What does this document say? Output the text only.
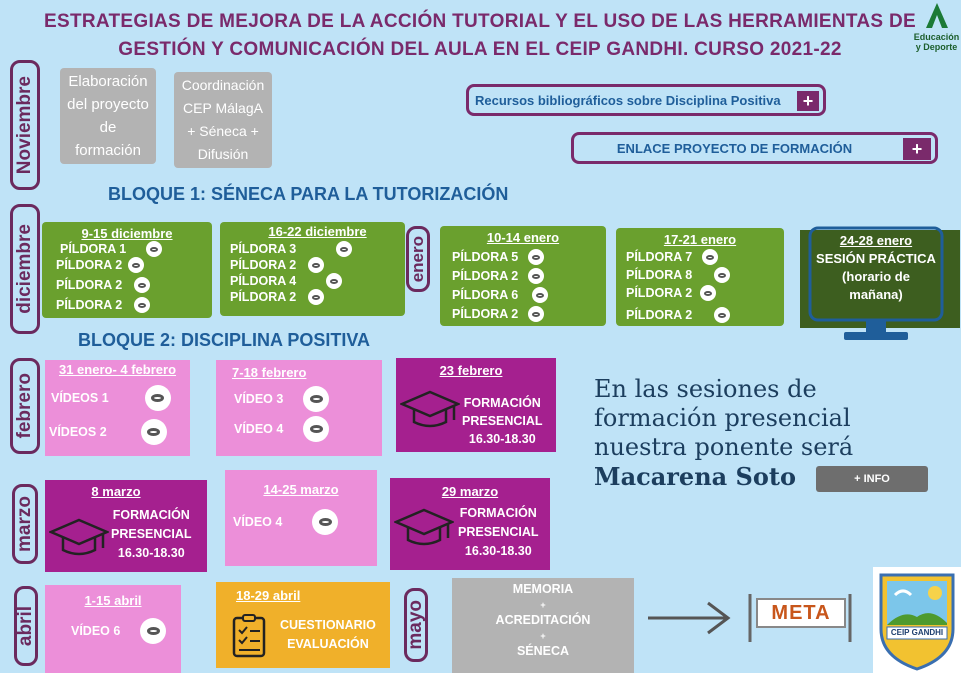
ESTRATEGIAS DE MEJORA DE LA ACCIÓN TUTORIAL Y EL USO DE LAS HERRAMIENTAS DE
GESTIÓN Y COMUNICACIÓN DEL AULA EN EL CEIP GANDHI. CURSO 2021-22
Educación
y Deporte
Noviembre
diciembre	enero
febrero
marzo
abril	mayo
Elaboración
del proyecto
de
formación
Coordinación
CEP MálagA
+ Séneca +
Difusión
Recursos bibliográficos sobre Disciplina Positiva	+
ENLACE PROYECTO DE FORMACIÓN	+
BLOQUE 1: SÉNECA PARA LA TUTORIZACIÓN
9-15 diciembre
PÍLDORA 1
PÍLDORA 2
PÍLDORA 2
PÍLDORA 2
16-22 diciembre
PÍLDORA 3
PÍLDORA 2
PÍLDORA 4
PÍLDORA 2
10-14 enero
PÍLDORA 5
PÍLDORA 2
PÍLDORA 6
PÍLDORA 2
17-21 enero
PÍLDORA 7
PÍLDORA 8
PÍLDORA 2
PÍLDORA 2
24-28 enero
SESIÓN PRÁCTICA
(horario de
mañana)
BLOQUE 2: DISCIPLINA POSITIVA
31 enero- 4 febrero
VÍDEOS 1
VÍDEOS 2
7-18 febrero
VÍDEO 3
VÍDEO 4
23 febrero
FORMACIÓN
PRESENCIAL
16.30-18.30
8 marzo
FORMACIÓN
PRESENCIAL
16.30-18.30
14-25 marzo
VÍDEO 4
29 marzo
FORMACIÓN
PRESENCIAL
16.30-18.30
1-15 abril
VÍDEO 6
18-29 abril
CUESTIONARIO
EVALUACIÓN
MEMORIA
+
ACREDITACIÓN
+
SÉNECA
META
CEIP GANDHI
En las sesiones de
formación presencial
nuestra ponente será
Macarena Soto	+ INFO
